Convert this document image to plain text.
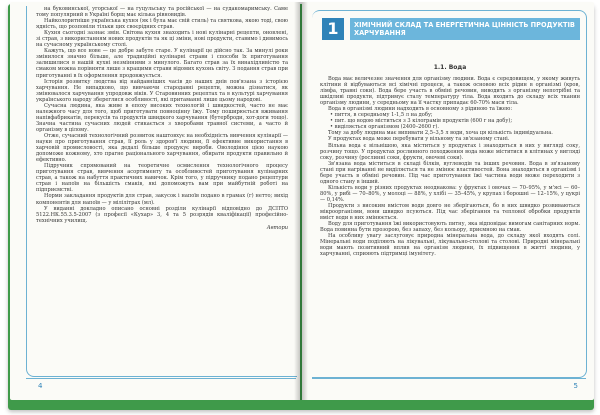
на буковинської, угорської — на гуцульську та російської — на судакомаримську. Саме тому популярний в Україні борщ має кілька рівновидів.

Найколоритніше українська кухня (як і була має свій стиль) та святкова, якою тоді, свою ядність, що розповіли тільки цих своєрідних страв.

Кухня сьогодні зазнає змін. Світова кухня знаходить і нові кулінарні рецепти, оновлені, зі страв, з використанням нових продуктів та як ці зміни, нові продукти, ставимо і дивимось на сучасному українському столі.

Кажуть, що все нове — це добре забуте старе. У кулінарії це дійсно так. За минулі роки змінилося значно більше, але традиційні кулінарні страви і способи їх приготування залишилися в нашій кухні незмінними з минулого. Багато страв за їх винахідливістю та смаком можна порівняти лише з кращими страви відомих кухонь світу. З подання страв при приготуванні в їх оформлення продовжується.

Історія розвитку людства від найдавніших часів до наших днів пов'язана з історією харчування. Не випадково, що вивчаючи стародавні рецепти, можна дізнатися, як змінювалося харчування упродовж віків. У Старовинних рецептах та в культурі харчування українського народу збереглися особливості, які притаманні лише цьому народові.

Сучасна людина, яка живе в епоху високих технологій і швидкостей, часто не має належного часу для того, щоб приготувати повноцінну їжу. Тому поширюється вживання напівфабрикатів, перекусів та продуктів швидкого харчування (бутерброди, хот-доги тощо). Значна частина сучасних людей стикається з хворобами травної системи, а часто й організму в цілому.

Отже, сучасний технологічний розвиток наштовхує на необхідність вивчення кулінарії — науки про приготування страв, її роль у здоров'ї людини, її ефективне використання в харчовій промисловості, яка дедалі більше продукує вироби. Оволодіння цією наукою допоможе кожному, хто прагне раціонального харчування, обирати продукти правильно й ефективно.

Підручник спрямований на теоретичне осмислення технологічного процесу приготування страв, вивчення асортименту та особливостей приготування кулінарних страв, а також на набуття практичних навичок. Крім того, у підручнику подано рецептури страв і напоїв на більшість смаків, які допоможуть вам при майбутній роботі на підприємстві.

Норми закладання продуктів для страв, закусок і напоїв подано в грамах (г) нетто; вихід компонентів для напоїв — у мілілітрах (мл).

У виданні докладно описано основні розділи кулінарії відповідно до ДСПТО 5122.НК.55.3.5-2007 (з професії «Кухар» 3, 4 та 5 розрядів кваліфікації) професійно-технічних училищ.

Автори
4
1	ХІМІЧНИЙ СКЛАД ТА ЕНЕРГЕТИЧНА ЦІННІСТЬ ПРОДУКТІВ ХАРЧУВАННЯ
1.1. Вода

Вода має величезне значення для організму людини. Вода є середовищем, у якому живуть клітини й відбуваються всі хімічні процеси, а також основою всіх рідин в організмі (кров, лімфа, травні соки). Вода бере участь в обміні речовин, виводить з організму непотрібні та шкідливі продукти, підтримує сталу температуру тіла. Вода входить до складу всіх тканин організму людини, у середньому на її частку припадає 60-70% маси тіла.

Вода в організмі людини надходить в основному з рідиною та їжею:

• пиття, в середньому 1-1,5 л на добу;

• пит. що водою міститься з 3 кілограмів продуктів (600 г на добу);

• виділяється організмом (2400–2600 г).

Тому за добу людина має випивати 2,5–3,5 л води, хоча ця кількість індивідуальна.

У продуктах вода може перебувати у вільному та зв'язаному стані.

Вільна вода є вільнішою, яка міститься у продуктах і знаходиться в них у вигляді соку, розчину тощо. У продуктах рослинного походження вода може міститися в клітинах у вигляді соку, розчину (рослинні соки, фрукти, овочеві соки).

Зв'язана вода міститься в складі білків, вуглеводів та інших речовин. Вода в зв'язаному стані при нагріванні не виділяється та не змінює властивостей. Вона знаходиться в організмі і бере участь в обміні речовин. Під час приготування їжі частина води може переходити з одного стану в інший.

Кількість води у різних продуктах неоднакова: у фруктах і овочах — 70–95%, у м'ясі — 60–80%, у рибі — 70–80%, у молоці — 88%, у хлібі — 35–45%, у крупах і борошні — 12–15%, у цукрі — 0,14%.

Продукти з високим вмістом води довго не зберігаються, бо в них швидко розвиваються мікроорганізми, вони швидко псуються. Під час зберігання та теплової обробки продуктів вміст води в них змінюється.

Воду для приготування їжі використовують питну, яка відповідає вимогам санітарних норм. Вода повинна бути прозорою, без запаху, без кольору, приємною на смак.

На особливу увагу заслуговує природна мінеральна вода, до складу якої входять солі. Мінеральні води поділяють на лікувальні, лікувально-столові та столові. Природні мінеральні води мають позитивний вплив на організм людини, їх підвищення в житті людини, у харчуванні, сприяють підтримці імунітету.

5
